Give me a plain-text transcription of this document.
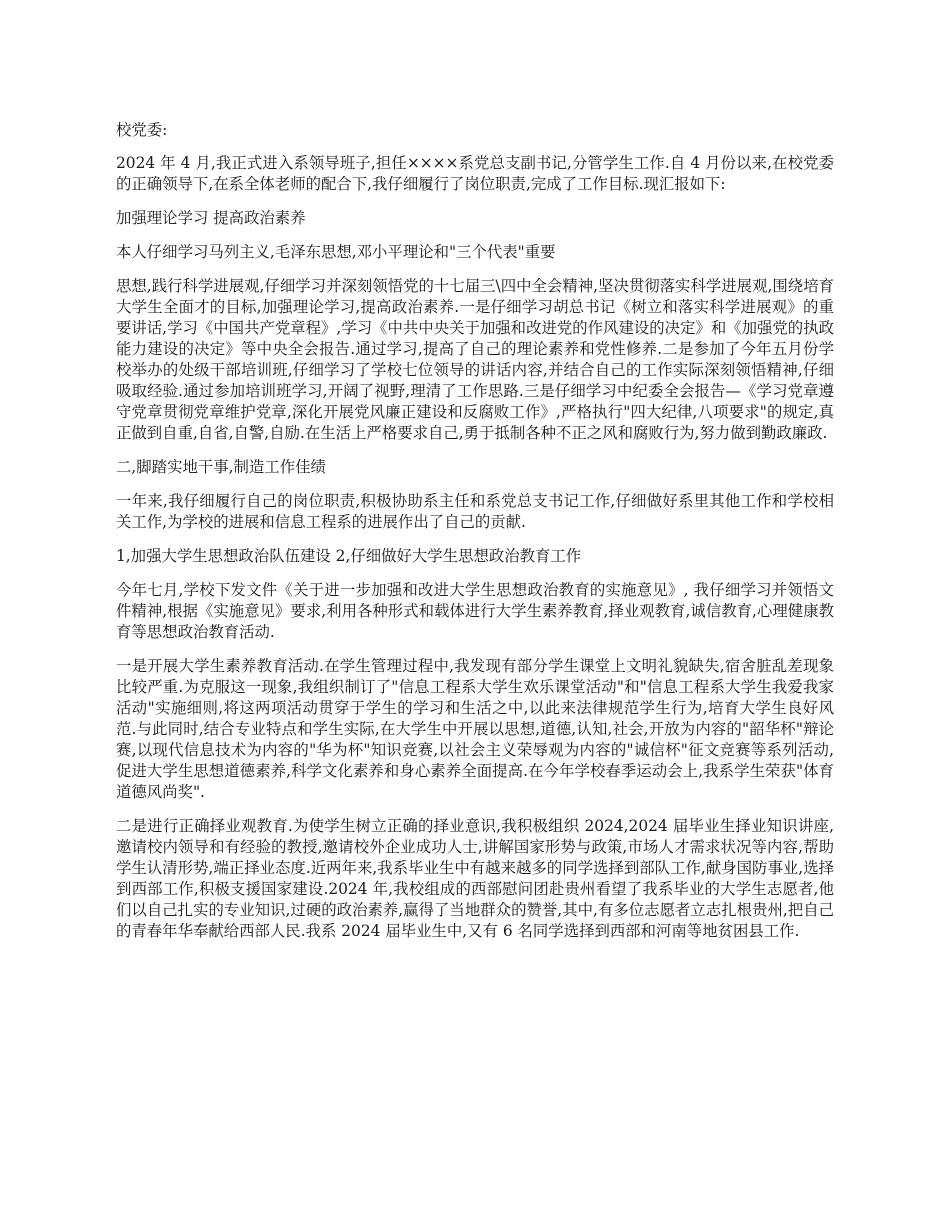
校党委:

2024 年 4 月,我正式进入系领导班子,担任××××系党总支副书记,分管学生工作.自 4 月份以来,在校党委的正确领导下,在系全体老师的配合下,我仔细履行了岗位职责,完成了工作目标.现汇报如下:

加强理论学习 提高政治素养

本人仔细学习马列主义,毛泽东思想,邓小平理论和"三个代表"重要

思想,践行科学进展观,仔细学习并深刻领悟党的十七届三\四中全会精神,坚决贯彻落实科学进展观,围绕培育大学生全面才的目标,加强理论学习,提高政治素养.一是仔细学习胡总书记《树立和落实科学进展观》的重要讲话,学习《中国共产党章程》,学习《中共中央关于加强和改进党的作风建设的决定》和《加强党的执政能力建设的决定》等中央全会报告.通过学习,提高了自己的理论素养和党性修养.二是参加了今年五月份学校举办的处级干部培训班,仔细学习了学校七位领导的讲话内容,并结合自己的工作实际深刻领悟精神,仔细吸取经验.通过参加培训班学习,开阔了视野,理清了工作思路.三是仔细学习中纪委全会报告—《学习党章遵守党章贯彻党章维护党章,深化开展党风廉正建设和反腐败工作》,严格执行"四大纪律,八项要求"的规定,真正做到自重,自省,自警,自励.在生活上严格要求自己,勇于抵制各种不正之风和腐败行为,努力做到勤政廉政.

二,脚踏实地干事,制造工作佳绩

一年来,我仔细履行自己的岗位职责,积极协助系主任和系党总支书记工作,仔细做好系里其他工作和学校相关工作,为学校的进展和信息工程系的进展作出了自己的贡献.

1,加强大学生思想政治队伍建设 2,仔细做好大学生思想政治教育工作

今年七月,学校下发文件《关于进一步加强和改进大学生思想政治教育的实施意见》, 我仔细学习并领悟文件精神,根据《实施意见》要求,利用各种形式和载体进行大学生素养教育,择业观教育,诚信教育,心理健康教育等思想政治教育活动.

一是开展大学生素养教育活动.在学生管理过程中,我发现有部分学生课堂上文明礼貌缺失,宿舍脏乱差现象比较严重.为克服这一现象,我组织制订了"信息工程系大学生欢乐课堂活动"和"信息工程系大学生我爱我家活动"实施细则,将这两项活动贯穿于学生的学习和生活之中,以此来法律规范学生行为,培育大学生良好风范.与此同时,结合专业特点和学生实际,在大学生中开展以思想,道德,认知,社会,开放为内容的"韶华杯"辩论赛,以现代信息技术为内容的"华为杯"知识竞赛,以社会主义荣辱观为内容的"诚信杯"征文竞赛等系列活动,促进大学生思想道德素养,科学文化素养和身心素养全面提高.在今年学校春季运动会上,我系学生荣获"体育道德风尚奖".

二是进行正确择业观教育.为使学生树立正确的择业意识,我积极组织 2024,2024 届毕业生择业知识讲座,邀请校内领导和有经验的教授,邀请校外企业成功人士,讲解国家形势与政策,市场人才需求状况等内容,帮助学生认清形势,端正择业态度.近两年来,我系毕业生中有越来越多的同学选择到部队工作,献身国防事业,选择到西部工作,积极支援国家建设.2024 年,我校组成的西部慰问团赴贵州看望了我系毕业的大学生志愿者,他们以自己扎实的专业知识,过硬的政治素养,赢得了当地群众的赞誉,其中,有多位志愿者立志扎根贵州,把自己的青春年华奉献给西部人民.我系 2024 届毕业生中,又有 6 名同学选择到西部和河南等地贫困县工作.
